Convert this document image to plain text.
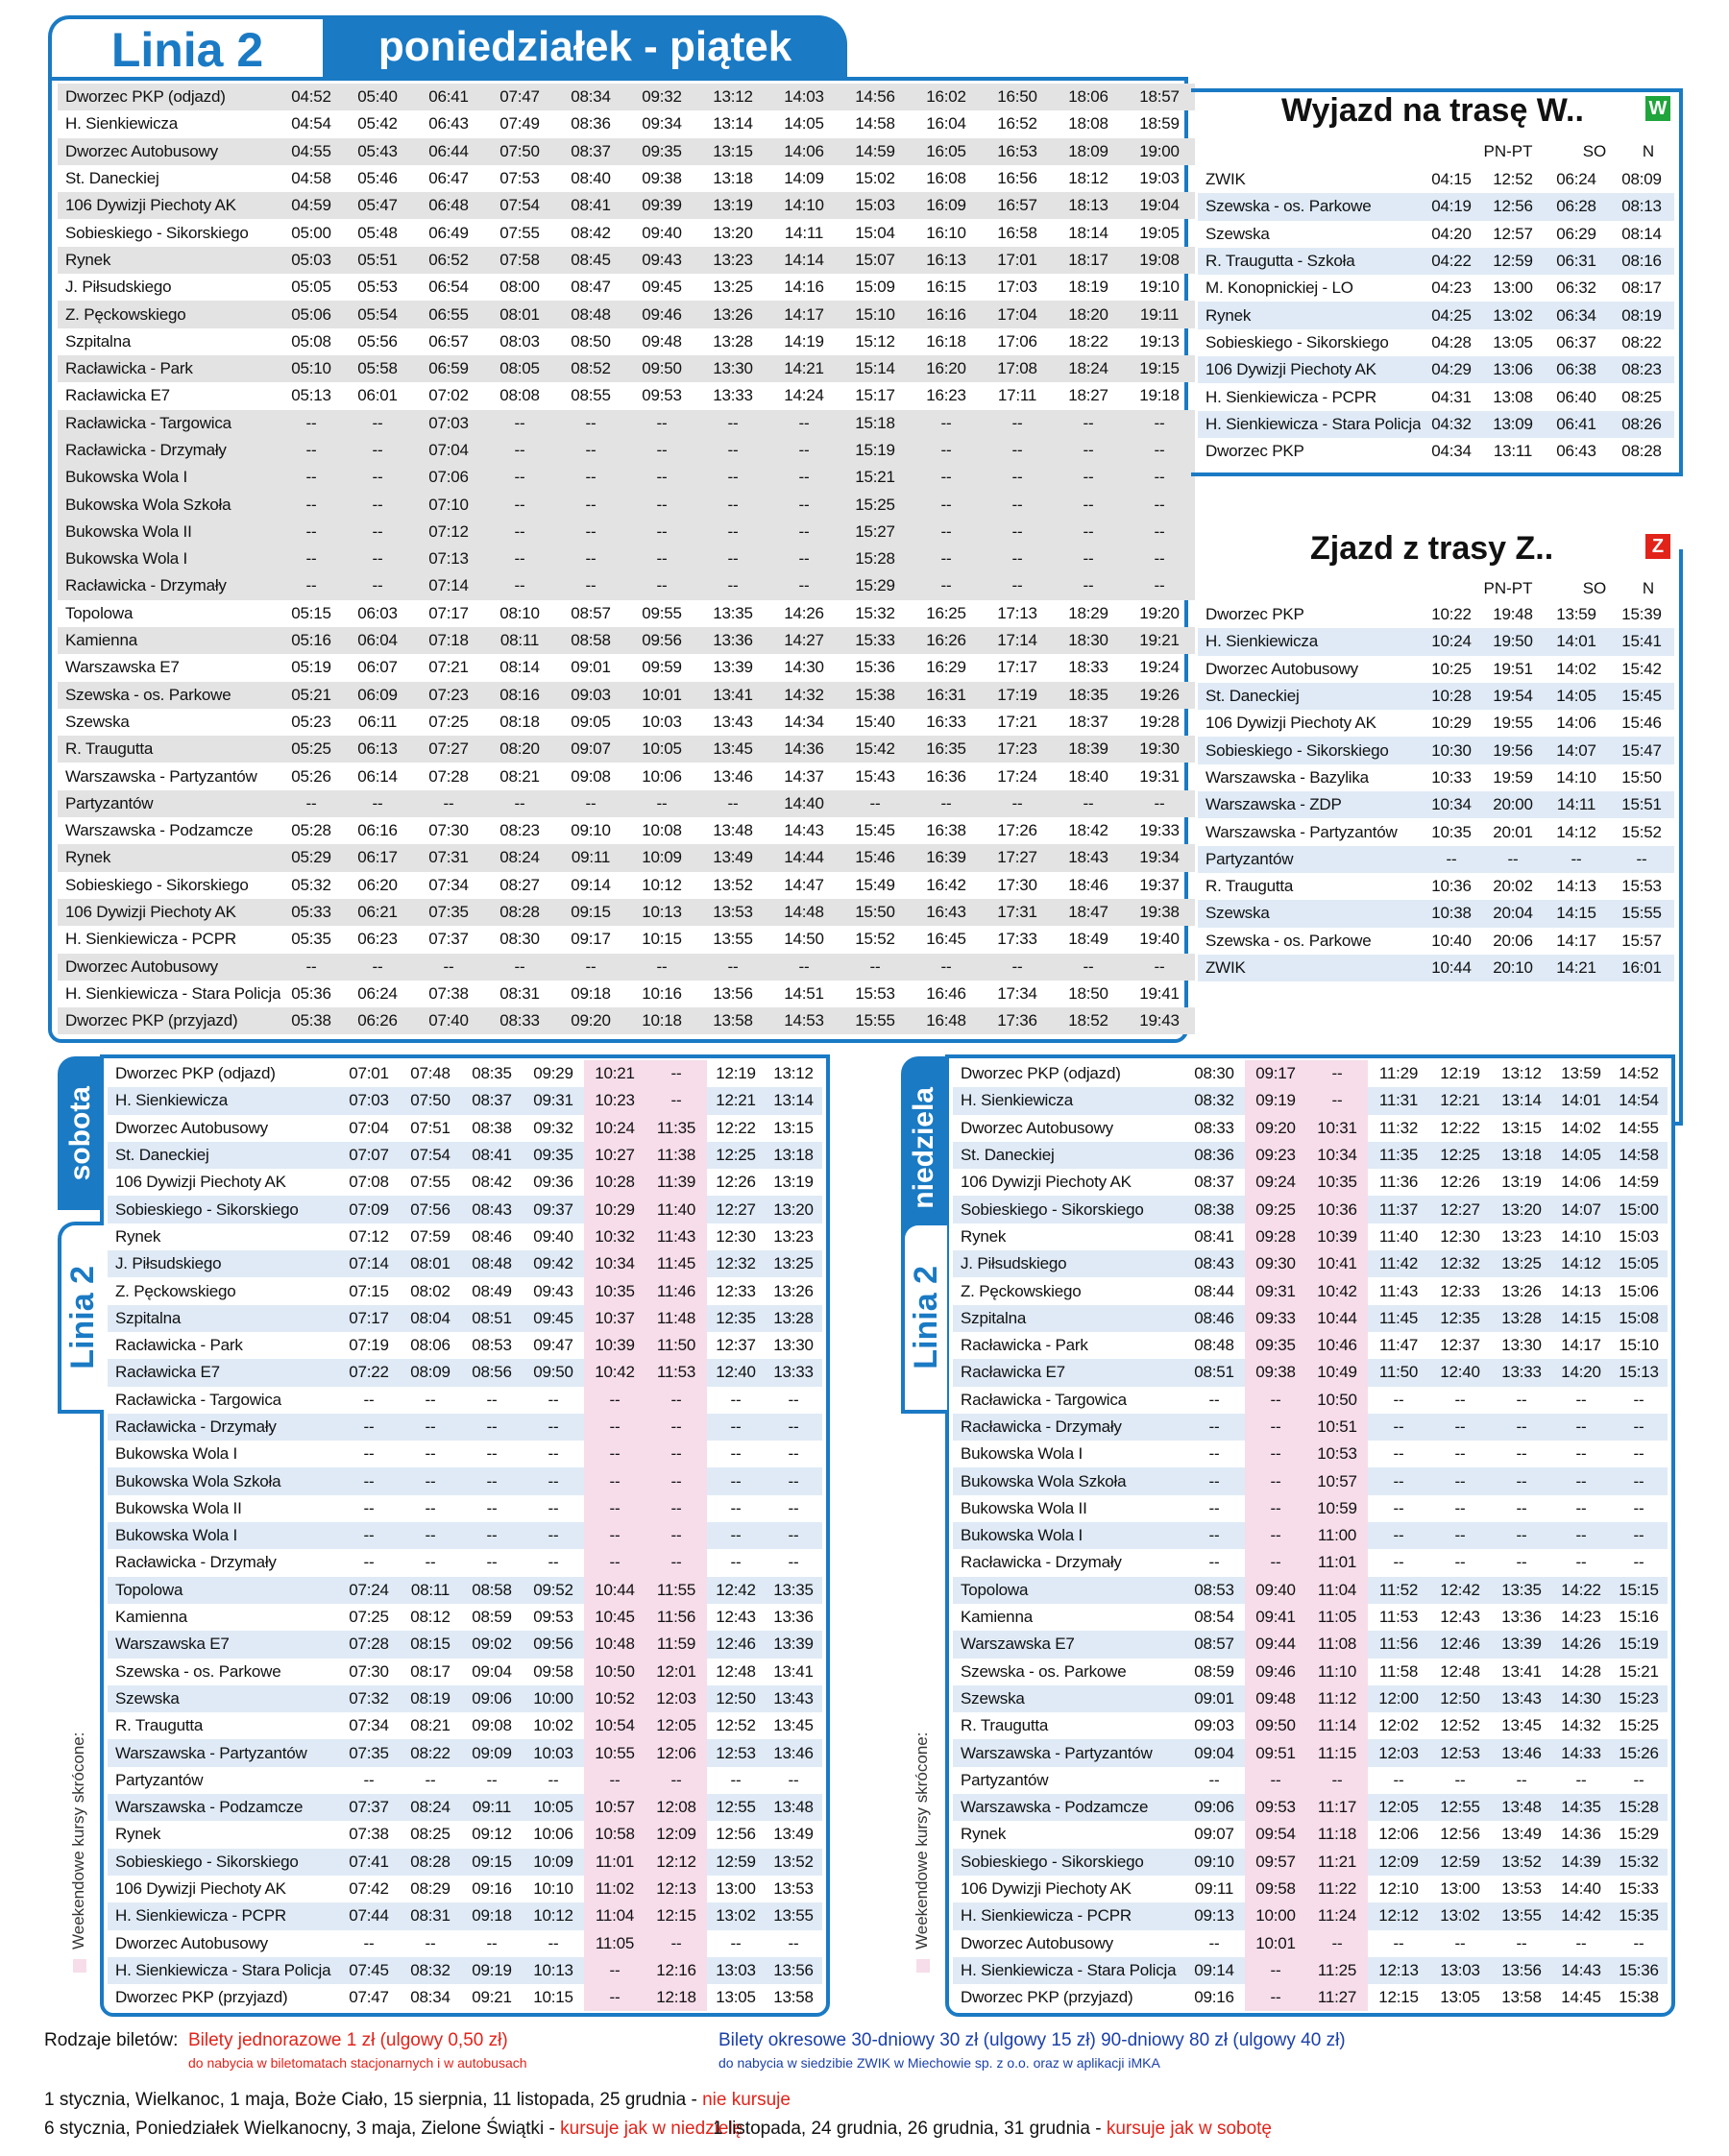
Linia 2	poniedziałek - piątek
Dworzec PKP (odjazd)	04:52	05:40	06:41	07:47	08:34	09:32	13:12	14:03	14:56	16:02	16:50	18:06	18:57
H. Sienkiewicza	04:54	05:42	06:43	07:49	08:36	09:34	13:14	14:05	14:58	16:04	16:52	18:08	18:59
Dworzec Autobusowy	04:55	05:43	06:44	07:50	08:37	09:35	13:15	14:06	14:59	16:05	16:53	18:09	19:00
St. Daneckiej	04:58	05:46	06:47	07:53	08:40	09:38	13:18	14:09	15:02	16:08	16:56	18:12	19:03
106 Dywizji Piechoty AK	04:59	05:47	06:48	07:54	08:41	09:39	13:19	14:10	15:03	16:09	16:57	18:13	19:04
Sobieskiego - Sikorskiego	05:00	05:48	06:49	07:55	08:42	09:40	13:20	14:11	15:04	16:10	16:58	18:14	19:05
Rynek	05:03	05:51	06:52	07:58	08:45	09:43	13:23	14:14	15:07	16:13	17:01	18:17	19:08
J. Piłsudskiego	05:05	05:53	06:54	08:00	08:47	09:45	13:25	14:16	15:09	16:15	17:03	18:19	19:10
Z. Pęckowskiego	05:06	05:54	06:55	08:01	08:48	09:46	13:26	14:17	15:10	16:16	17:04	18:20	19:11
Szpitalna	05:08	05:56	06:57	08:03	08:50	09:48	13:28	14:19	15:12	16:18	17:06	18:22	19:13
Racławicka - Park	05:10	05:58	06:59	08:05	08:52	09:50	13:30	14:21	15:14	16:20	17:08	18:24	19:15
Racławicka E7	05:13	06:01	07:02	08:08	08:55	09:53	13:33	14:24	15:17	16:23	17:11	18:27	19:18
Racławicka - Targowica	--	--	07:03	--	--	--	--	--	15:18	--	--	--	--
Racławicka - Drzymały	--	--	07:04	--	--	--	--	--	15:19	--	--	--	--
Bukowska Wola I	--	--	07:06	--	--	--	--	--	15:21	--	--	--	--
Bukowska Wola Szkoła	--	--	07:10	--	--	--	--	--	15:25	--	--	--	--
Bukowska Wola II	--	--	07:12	--	--	--	--	--	15:27	--	--	--	--
Bukowska Wola I	--	--	07:13	--	--	--	--	--	15:28	--	--	--	--
Racławicka - Drzymały	--	--	07:14	--	--	--	--	--	15:29	--	--	--	--
Topolowa	05:15	06:03	07:17	08:10	08:57	09:55	13:35	14:26	15:32	16:25	17:13	18:29	19:20
Kamienna	05:16	06:04	07:18	08:11	08:58	09:56	13:36	14:27	15:33	16:26	17:14	18:30	19:21
Warszawska E7	05:19	06:07	07:21	08:14	09:01	09:59	13:39	14:30	15:36	16:29	17:17	18:33	19:24
Szewska - os. Parkowe	05:21	06:09	07:23	08:16	09:03	10:01	13:41	14:32	15:38	16:31	17:19	18:35	19:26
Szewska	05:23	06:11	07:25	08:18	09:05	10:03	13:43	14:34	15:40	16:33	17:21	18:37	19:28
R. Traugutta	05:25	06:13	07:27	08:20	09:07	10:05	13:45	14:36	15:42	16:35	17:23	18:39	19:30
Warszawska - Partyzantów	05:26	06:14	07:28	08:21	09:08	10:06	13:46	14:37	15:43	16:36	17:24	18:40	19:31
Partyzantów	--	--	--	--	--	--	--	14:40	--	--	--	--	--
Warszawska - Podzamcze	05:28	06:16	07:30	08:23	09:10	10:08	13:48	14:43	15:45	16:38	17:26	18:42	19:33
Rynek	05:29	06:17	07:31	08:24	09:11	10:09	13:49	14:44	15:46	16:39	17:27	18:43	19:34
Sobieskiego - Sikorskiego	05:32	06:20	07:34	08:27	09:14	10:12	13:52	14:47	15:49	16:42	17:30	18:46	19:37
106 Dywizji Piechoty AK	05:33	06:21	07:35	08:28	09:15	10:13	13:53	14:48	15:50	16:43	17:31	18:47	19:38
H. Sienkiewicza - PCPR	05:35	06:23	07:37	08:30	09:17	10:15	13:55	14:50	15:52	16:45	17:33	18:49	19:40
Dworzec Autobusowy	--	--	--	--	--	--	--	--	--	--	--	--	--
H. Sienkiewicza - Stara Policja	05:36	06:24	07:38	08:31	09:18	10:16	13:56	14:51	15:53	16:46	17:34	18:50	19:41
Dworzec PKP (przyjazd)	05:38	06:26	07:40	08:33	09:20	10:18	13:58	14:53	15:55	16:48	17:36	18:52	19:43
Wyjazd na trasę W..	W
PN-PT	SO	N
ZWIK	04:15	12:52	06:24	08:09
Szewska - os. Parkowe	04:19	12:56	06:28	08:13
Szewska	04:20	12:57	06:29	08:14
R. Traugutta - Szkoła	04:22	12:59	06:31	08:16
M. Konopnickiej - LO	04:23	13:00	06:32	08:17
Rynek	04:25	13:02	06:34	08:19
Sobieskiego - Sikorskiego	04:28	13:05	06:37	08:22
106 Dywizji Piechoty AK	04:29	13:06	06:38	08:23
H. Sienkiewicza - PCPR	04:31	13:08	06:40	08:25
H. Sienkiewicza - Stara Policja	04:32	13:09	06:41	08:26
Dworzec PKP	04:34	13:11	06:43	08:28
Zjazd z trasy Z..	Z
PN-PT	SO	N
Dworzec PKP	10:22	19:48	13:59	15:39
H. Sienkiewicza	10:24	19:50	14:01	15:41
Dworzec Autobusowy	10:25	19:51	14:02	15:42
St. Daneckiej	10:28	19:54	14:05	15:45
106 Dywizji Piechoty AK	10:29	19:55	14:06	15:46
Sobieskiego - Sikorskiego	10:30	19:56	14:07	15:47
Warszawska - Bazylika	10:33	19:59	14:10	15:50
Warszawska - ZDP	10:34	20:00	14:11	15:51
Warszawska - Partyzantów	10:35	20:01	14:12	15:52
Partyzantów	--	--	--	--
R. Traugutta	10:36	20:02	14:13	15:53
Szewska	10:38	20:04	14:15	15:55
Szewska - os. Parkowe	10:40	20:06	14:17	15:57
ZWIK	10:44	20:10	14:21	16:01
sobota
Linia 2
Weekendowe kursy skrócone:
Dworzec PKP (odjazd)	07:01	07:48	08:35	09:29	10:21	--	12:19	13:12
H. Sienkiewicza	07:03	07:50	08:37	09:31	10:23	--	12:21	13:14
Dworzec Autobusowy	07:04	07:51	08:38	09:32	10:24	11:35	12:22	13:15
St. Daneckiej	07:07	07:54	08:41	09:35	10:27	11:38	12:25	13:18
106 Dywizji Piechoty AK	07:08	07:55	08:42	09:36	10:28	11:39	12:26	13:19
Sobieskiego - Sikorskiego	07:09	07:56	08:43	09:37	10:29	11:40	12:27	13:20
Rynek	07:12	07:59	08:46	09:40	10:32	11:43	12:30	13:23
J. Piłsudskiego	07:14	08:01	08:48	09:42	10:34	11:45	12:32	13:25
Z. Pęckowskiego	07:15	08:02	08:49	09:43	10:35	11:46	12:33	13:26
Szpitalna	07:17	08:04	08:51	09:45	10:37	11:48	12:35	13:28
Racławicka - Park	07:19	08:06	08:53	09:47	10:39	11:50	12:37	13:30
Racławicka E7	07:22	08:09	08:56	09:50	10:42	11:53	12:40	13:33
Racławicka - Targowica	--	--	--	--	--	--	--	--
Racławicka - Drzymały	--	--	--	--	--	--	--	--
Bukowska Wola I	--	--	--	--	--	--	--	--
Bukowska Wola Szkoła	--	--	--	--	--	--	--	--
Bukowska Wola II	--	--	--	--	--	--	--	--
Bukowska Wola I	--	--	--	--	--	--	--	--
Racławicka - Drzymały	--	--	--	--	--	--	--	--
Topolowa	07:24	08:11	08:58	09:52	10:44	11:55	12:42	13:35
Kamienna	07:25	08:12	08:59	09:53	10:45	11:56	12:43	13:36
Warszawska E7	07:28	08:15	09:02	09:56	10:48	11:59	12:46	13:39
Szewska - os. Parkowe	07:30	08:17	09:04	09:58	10:50	12:01	12:48	13:41
Szewska	07:32	08:19	09:06	10:00	10:52	12:03	12:50	13:43
R. Traugutta	07:34	08:21	09:08	10:02	10:54	12:05	12:52	13:45
Warszawska - Partyzantów	07:35	08:22	09:09	10:03	10:55	12:06	12:53	13:46
Partyzantów	--	--	--	--	--	--	--	--
Warszawska - Podzamcze	07:37	08:24	09:11	10:05	10:57	12:08	12:55	13:48
Rynek	07:38	08:25	09:12	10:06	10:58	12:09	12:56	13:49
Sobieskiego - Sikorskiego	07:41	08:28	09:15	10:09	11:01	12:12	12:59	13:52
106 Dywizji Piechoty AK	07:42	08:29	09:16	10:10	11:02	12:13	13:00	13:53
H. Sienkiewicza - PCPR	07:44	08:31	09:18	10:12	11:04	12:15	13:02	13:55
Dworzec Autobusowy	--	--	--	--	11:05	--	--	--
H. Sienkiewicza - Stara Policja	07:45	08:32	09:19	10:13	--	12:16	13:03	13:56
Dworzec PKP (przyjazd)	07:47	08:34	09:21	10:15	--	12:18	13:05	13:58
niedziela
Linia 2
Weekendowe kursy skrócone:
Dworzec PKP (odjazd)	08:30	09:17	--	11:29	12:19	13:12	13:59	14:52
H. Sienkiewicza	08:32	09:19	--	11:31	12:21	13:14	14:01	14:54
Dworzec Autobusowy	08:33	09:20	10:31	11:32	12:22	13:15	14:02	14:55
St. Daneckiej	08:36	09:23	10:34	11:35	12:25	13:18	14:05	14:58
106 Dywizji Piechoty AK	08:37	09:24	10:35	11:36	12:26	13:19	14:06	14:59
Sobieskiego - Sikorskiego	08:38	09:25	10:36	11:37	12:27	13:20	14:07	15:00
Rynek	08:41	09:28	10:39	11:40	12:30	13:23	14:10	15:03
J. Piłsudskiego	08:43	09:30	10:41	11:42	12:32	13:25	14:12	15:05
Z. Pęckowskiego	08:44	09:31	10:42	11:43	12:33	13:26	14:13	15:06
Szpitalna	08:46	09:33	10:44	11:45	12:35	13:28	14:15	15:08
Racławicka - Park	08:48	09:35	10:46	11:47	12:37	13:30	14:17	15:10
Racławicka E7	08:51	09:38	10:49	11:50	12:40	13:33	14:20	15:13
Racławicka - Targowica	--	--	10:50	--	--	--	--	--
Racławicka - Drzymały	--	--	10:51	--	--	--	--	--
Bukowska Wola I	--	--	10:53	--	--	--	--	--
Bukowska Wola Szkoła	--	--	10:57	--	--	--	--	--
Bukowska Wola II	--	--	10:59	--	--	--	--	--
Bukowska Wola I	--	--	11:00	--	--	--	--	--
Racławicka - Drzymały	--	--	11:01	--	--	--	--	--
Topolowa	08:53	09:40	11:04	11:52	12:42	13:35	14:22	15:15
Kamienna	08:54	09:41	11:05	11:53	12:43	13:36	14:23	15:16
Warszawska E7	08:57	09:44	11:08	11:56	12:46	13:39	14:26	15:19
Szewska - os. Parkowe	08:59	09:46	11:10	11:58	12:48	13:41	14:28	15:21
Szewska	09:01	09:48	11:12	12:00	12:50	13:43	14:30	15:23
R. Traugutta	09:03	09:50	11:14	12:02	12:52	13:45	14:32	15:25
Warszawska - Partyzantów	09:04	09:51	11:15	12:03	12:53	13:46	14:33	15:26
Partyzantów	--	--	--	--	--	--	--	--
Warszawska - Podzamcze	09:06	09:53	11:17	12:05	12:55	13:48	14:35	15:28
Rynek	09:07	09:54	11:18	12:06	12:56	13:49	14:36	15:29
Sobieskiego - Sikorskiego	09:10	09:57	11:21	12:09	12:59	13:52	14:39	15:32
106 Dywizji Piechoty AK	09:11	09:58	11:22	12:10	13:00	13:53	14:40	15:33
H. Sienkiewicza - PCPR	09:13	10:00	11:24	12:12	13:02	13:55	14:42	15:35
Dworzec Autobusowy	--	10:01	--	--	--	--	--	--
H. Sienkiewicza - Stara Policja	09:14	--	11:25	12:13	13:03	13:56	14:43	15:36
Dworzec PKP (przyjazd)	09:16	--	11:27	12:15	13:05	13:58	14:45	15:38
Rodzaje biletów: Bilety jednorazowe 1 zł (ulgowy 0,50 zł)
do nabycia w biletomatach stacjonarnych i w autobusach
Bilety okresowe 30-dniowy 30 zł (ulgowy 15 zł) 90-dniowy 80 zł (ulgowy 40 zł)
do nabycia w siedzibie ZWIK w Miechowie sp. z o.o. oraz w aplikacji iMKA
1 stycznia, Wielkanoc, 1 maja, Boże Ciało, 15 sierpnia, 11 listopada, 25 grudnia - nie kursuje
6 stycznia, Poniedziałek Wielkanocny, 3 maja, Zielone Świątki - kursuje jak w niedzielę
1 listopada, 24 grudnia, 26 grudnia, 31 grudnia - kursuje jak w sobotę
